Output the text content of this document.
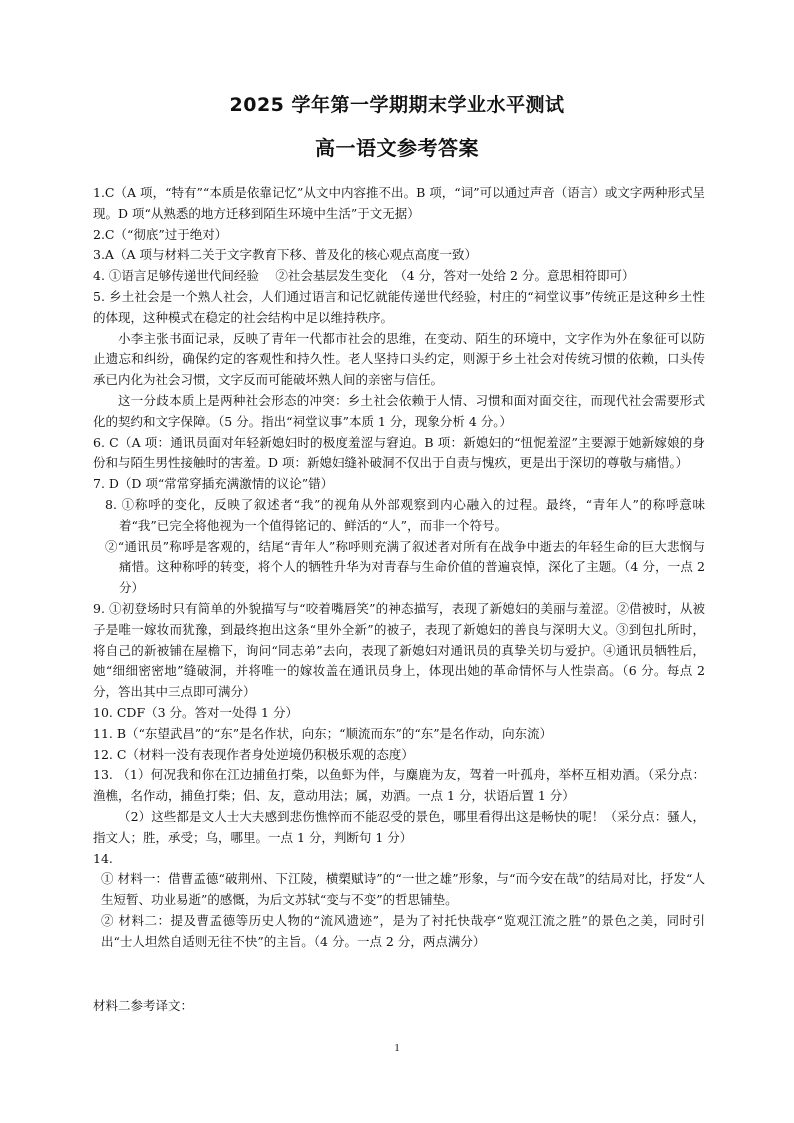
2025 学年第一学期期末学业水平测试
高一语文参考答案

1.C（A 项，“特有”“本质是依靠记忆”从文中内容推不出。B 项，“词”可以通过声音（语言）或文字两种形式呈现。D 项“从熟悉的地方迁移到陌生环境中生活”于文无据）

2.C（“彻底”过于绝对）

3.A（A 项与材料二关于文字教育下移、普及化的核心观点高度一致）

4. ①语言足够传递世代间经验　 ②社会基层发生变化　（4 分，答对一处给 2 分。意思相符即可）

5. 乡土社会是一个熟人社会，人们通过语言和记忆就能传递世代经验，村庄的“祠堂议事”传统正是这种乡土性的体现，这种模式在稳定的社会结构中足以维持秩序。

小李主张书面记录，反映了青年一代都市社会的思维，在变动、陌生的环境中，文字作为外在象征可以防止遗忘和纠纷，确保约定的客观性和持久性。老人坚持口头约定，则源于乡土社会对传统习惯的依赖，口头传承已内化为社会习惯，文字反而可能破坏熟人间的亲密与信任。

这一分歧本质上是两种社会形态的冲突：乡土社会依赖于人情、习惯和面对面交往，而现代社会需要形式化的契约和文字保障。（5 分。指出“祠堂议事”本质 1 分，现象分析 4 分。）

6. C（A 项：通讯员面对年轻新媳妇时的极度羞涩与窘迫。B 项：新媳妇的“忸怩羞涩”主要源于她新嫁娘的身份和与陌生男性接触时的害羞。D 项：新媳妇缝补破洞不仅出于自责与愧疚，更是出于深切的尊敬与痛惜。）

7. D（D 项“常常穿插充满激情的议论”错）

8. ①称呼的变化，反映了叙述者“我”的视角从外部观察到内心融入的过程。最终，“青年人”的称呼意味着“我”已完全将他视为一个值得铭记的、鲜活的“人”，而非一个符号。

②“通讯员”称呼是客观的，结尾“青年人”称呼则充满了叙述者对所有在战争中逝去的年轻生命的巨大悲悯与痛惜。这种称呼的转变，将个人的牺牲升华为对青春与生命价值的普遍哀悼，深化了主题。（4 分，一点 2 分）

9. ①初登场时只有简单的外貌描写与“咬着嘴唇笑”的神态描写，表现了新媳妇的美丽与羞涩。②借被时，从被子是唯一嫁妆而犹豫，到最终抱出这条“里外全新”的被子，表现了新媳妇的善良与深明大义。③到包扎所时，将自己的新被铺在屋檐下，询问“同志弟”去向，表现了新媳妇对通讯员的真挚关切与爱护。④通讯员牺牲后，她“细细密密地”缝破洞，并将唯一的嫁妆盖在通讯员身上，体现出她的革命情怀与人性崇高。（6 分。每点 2 分，答出其中三点即可满分）

10. CDF（3 分。答对一处得 1 分）

11. B（“东望武昌”的“东”是名作状，向东；“顺流而东”的“东”是名作动，向东流）

12. C（材料一没有表现作者身处逆境仍积极乐观的态度）

13. （1）何况我和你在江边捕鱼打柴，以鱼虾为伴，与麋鹿为友，驾着一叶孤舟，举杯互相劝酒。（采分点：渔樵，名作动，捕鱼打柴；侣、友，意动用法；属，劝酒。一点 1 分，状语后置 1 分）

（2）这些都是文人士大夫感到悲伤憔悴而不能忍受的景色，哪里看得出这是畅快的呢！（采分点：骚人，指文人；胜，承受；乌，哪里。一点 1 分，判断句 1 分）

14.

① 材料一：借曹孟德“破荆州、下江陵，横槊赋诗”的“一世之雄”形象，与“而今安在哉”的结局对比，抒发“人生短暂、功业易逝”的感慨，为后文苏轼“变与不变”的哲思铺垫。

② 材料二：提及曹孟德等历史人物的“流风遗迹”，是为了衬托快哉亭“览观江流之胜”的景色之美，同时引出“士人坦然自适则无往不快”的主旨。（4 分。一点 2 分，两点满分）

材料二参考译文：
1
